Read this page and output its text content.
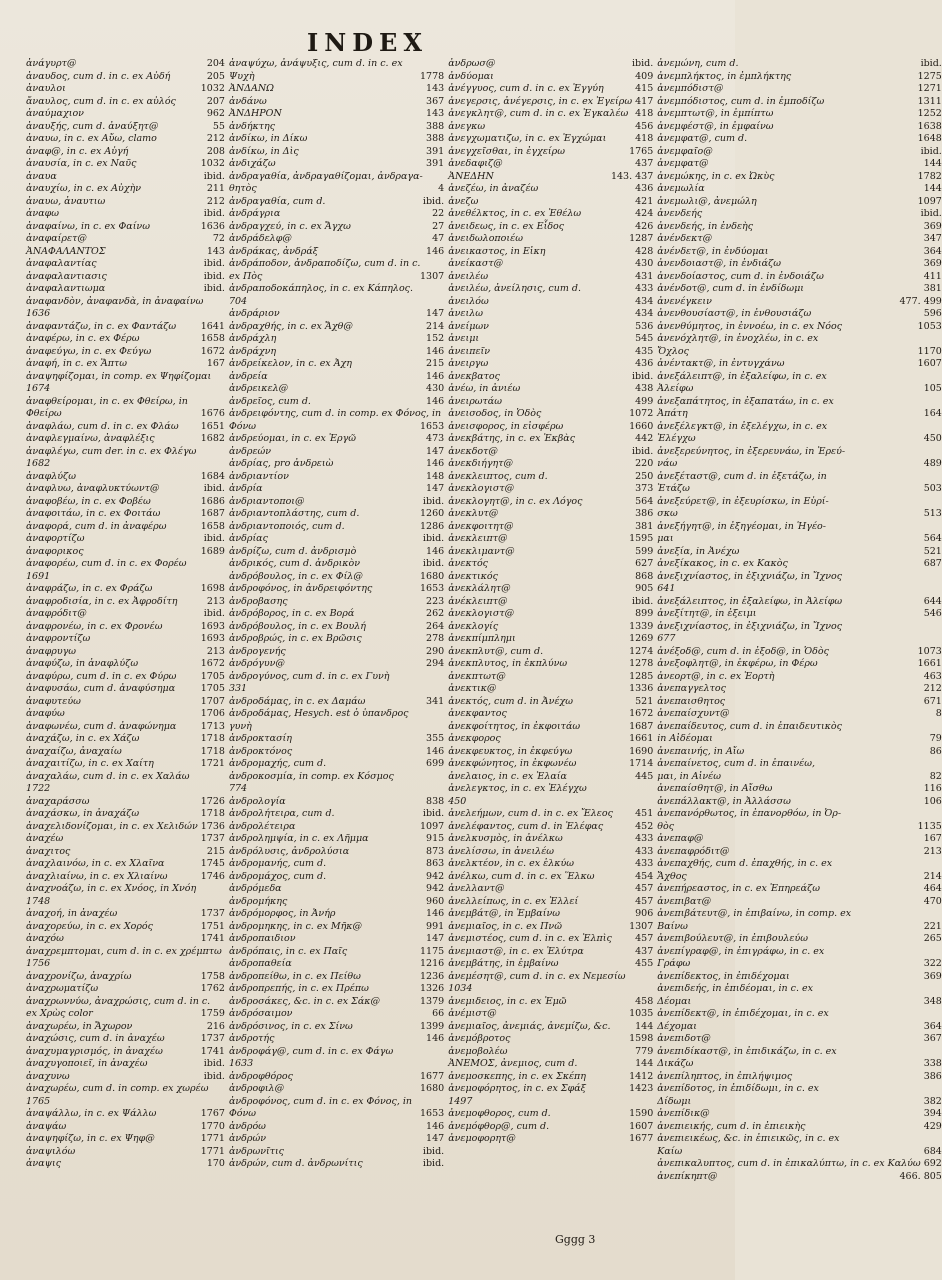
INDEX
ἀνάγυρτ@	204
ἀναυδος, cum d. in c. ex Αὐδή	205
ἀναυλοι	1032
ἄναυλος, cum d. in c. ex αὐλός	207
ἀναύμαχιον	962
ἀναυξής, cum d. ἀναύξητ@	55
ἀναυω, in c. ex Αὔω, clamo	212
ἀναφ@, in c. ex Αὐγή	208
ἀναυσία, in c. ex Ναῦς	1032
ἀναυα	ibid.
ἀναυχίω, in c. ex Αὐχὴν	211
ἀναυω, ἀναυτιω	212
ἀναφω	ibid.
ἀναφαίνω, in c. ex Φαίνω	1636
ἀναφαίρετ@	72
ἈΝΑΦΑΛΑΝΤΟΣ	143
ἀναφαλαντίας	ibid.
ἀναφαλαντιασις	ibid.
ἀναφαλαντιωμα	ibid.
ἀναφανδὸν, ἀναφανδὰ, in ἀναφαίνω
1636
ἀναφαντάζω, in c. ex Φαντάζω	1641
ἀναφέρω, in c. ex Φέρω	1658
ἀναφεύγω, in c. ex Φεύγω	1672
ἀναφή, in c. ex Ἅπτω	167
ἀναψηφίζομαι, in comp. ex Ψηφίζομαι
1674
ἀναφθείρομαι, in c. ex Φθείρω, in
Φθείρω	1676
ἀναφλάω, cum d. in c. ex Φλάω	1651
ἀναφλεγμαίνω, ἀναφλέξις	1682
ἀναφλέγω, cum der. in c. ex Φλέγω
1682
ἀναφλύζω	1684
ἀναφλυω, ἀναφλυκτύωντ@	ibid.
ἀναφοβέω, in c. ex Φοβέω	1686
ἀναφοιτάω, in c. ex Φοιτάω	1687
ἀναφορά, cum d. in ἀναφέρω	1658
ἀναφορτίζω	ibid.
ἀναφορικος	1689
ἀναφορέω, cum d. in c. ex Φορέω
1691
ἀναφράζω, in c. ex Φράζω	1698
ἀναφροδισία, in c. ex Ἀφροδίτη	213
ἀναφρόδιτ@	ibid.
ἀναφρονέω, in c. ex Φρονέω	1693
ἀναφροντίζω	1693
ἀναφρυγω	213
ἀναφύζω, in ἀναφλύζω	1672
ἀναφύρω, cum d. in c. ex Φύρω	1705
ἀναφυσάω, cum d. ἀναφύσημα	1705
ἀναφυτεύω	1707
ἀναφύω	1706
ἀναφωνέω, cum d. ἀναφώνημα	1713
ἀναχάζω, in c. ex Χάζω	1718
ἀναχαίζω, ἀναχαίω	1718
ἀναχαιτίζω, in c. ex Χαίτη	1721
ἀναχαλάω, cum d. in c. ex Χαλάω
1722
ἀναχαράσσω	1726
ἀναχάσκω, in ἀναχάζω	1718
ἀναχελιδονίζομαι, in c. ex Χελιδών 1736
ἀναχέω	1737
ἀναχιτος	215
ἀναχλαινόω, in c. ex Χλαῖνα	1745
ἀναχλιαίνω, in c. ex Χλιαίνω	1746
ἀναχνοάζω, in c. ex Χνόος, in Χνόη
1748
ἀναχοή, in ἀναχέω	1737
ἀναχορεύω, in c. ex Χορός	1751
ἀναχόω	1741
ἀναχρεμπτομαι, cum d. in c. ex χρέμπτω
1756
ἀναχρονίζω, ἀναχρίω	1758
ἀναχρωματίζω	1762
ἀναχρωννύω, ἀναχρώσις, cum d. in c.
ex Χρὼς color	1759
ἀναχωρέω, in Ἄχωρον	216
ἀναχώσις, cum d. in ἀναχέω	1737
ἀναχυμαγρισμός, in ἀναχέω	1741
ἀναχυγοποιεῖ, in ἀναχέω	ibid.
ἀναχυνω	ibid.
ἀναχωρέω, cum d. in comp. ex χωρέω
1765
ἀναψάλλω, in c. ex Ψάλλω	1767
ἀναψάω	1770
ἀναψηφίζω, in c. ex Ψηφ@	1771
ἀναψιλόω	1771
ἀναψις	170
ἀναψύχω, ἀνάψυξις, cum d. in c. ex
Ψυχὴ	1778
ἈΝΔΑΝΩ	143
ἀνδάνω	367
ἈΝΔΗΡΟΝ	143
ἀνδήκτης	388
ἀνδίκω, in Δίκω	388
ἀνδίκω, in Δὶς	391
ἀνδιχάζω	391
ἀνδραγαθία, ἀνδραγαθίζομαι, ἀνδραγα-
θητὸς	4
ἀνδραγαθία, cum d.	ibid.
ἀνδράγρια	22
ἀνδραγχεύ, in c. ex Ἄγχω	27
ἀνδράδελφ@	47
ἀνδράκας, ἀνδράξ	146
ἀνδράποδον, ἀνδραποδίζω, cum d. in c.
ex Πὸς	1307
ἀνδραποδοκάπηλος, in c. ex Κάπηλος.
704
ἀνδράριον	147
ἀνδραχθής, in c. ex Ἄχθ@	214
ἀνδράχλη	152
ἀνδράχνη	146
ἀνδρείκελον, in c. ex Ἀχη	215
ἀνδρεία	146
ἀνδρεικελ@	430
ἀνδρεῖος, cum d.	146
ἀνδρειφόντης, cum d. in comp. ex Φόνος, in
Φόνω	1653
ἀνδρεύομαι, in c. ex Ἐργῶ	473
ἀνδρεών	147
ἀνδρίας, pro ἀνδρειὼ	146
ἀνδριαντίον	148
ἀνδρία	147
ἀνδριαντοποι@	ibid.
ἀνδριαντοπλάστης, cum d.	1260
ἀνδριαντοποιός, cum d.	1286
ἀνδρίας	ibid.
ἀνδρίζω, cum d. ἀνδρισμὸ	146
ἀνδρικός, cum d. ἀνδρικὸν	ibid.
ἀνδρόβουλος, in c. ex Φίλ@	1680
ἀνδροφόνος, in ἀνδρειφόντης	1653
ἀνδροβασης	223
ἀνδρόβορος, in c. ex Βορά	262
ἀνδρόβουλος, in c. ex Βουλή	264
ἀνδροβρώς, in c. ex Βρῶσις	278
ἀνδρογενής	290
ἀνδρόγυν@	294
ἀνδρογύνος, cum d. in c. ex Γυνὴ
331
ἀνδροδάμας, in c. ex Δαμάω	341
ἀνδροδάμας, Hesych. est ὁ ὑπανδρος
γυνὴ
ἀνδροκτασίη	355
ἀνδροκτόνος	146
ἀνδρομαχής, cum d.	699
ἀνδροκοσμία, in comp. ex Κόσμος
774
ἀνδρολογία	838
ἀνδρολήτειρα, cum d.	ibid.
ἀνδρολέτειρα	1097
ἀνδρολημψία, in c. ex Λῆμμα	915
ἀνδρόλυσις, ἀνδρολύσια	873
ἀνδρομανής, cum d.	863
ἀνδρομάχος, cum d.	942
ἀνδρόμεδα	942
ἀνδρομήκης	960
ἀνδρόμορφος, in Ἀνήρ	146
ἀνδρομηκης, in c. ex Μῆκ@	991
ἀνδροπαιδιον	147
ἀνδρόπαις, in c. ex Παῖς	1175
ἀνδροπαθεία	1216
ἀνδροπείθω, in c. ex Πείθω	1236
ἀνδροπρεπής, in c. ex Πρέπω	1326
ἀνδροσάκες, &c. in c. ex Σάκ@	1379
ἀνδρόσαιμον	66
ἀνδρόσινος, in c. ex Σίνω	1399
ἀνδροτής	146
ἀνδροφάγ@, cum d. in c. ex Φάγω
1633
ἀνδροφθόρος	1677
ἀνδροφιλ@	1680
ἀνδροφόνος, cum d. in c. ex Φόνος, in
Φόνω	1653
ἀνδρόω	146
ἀνδρών	147
ἀνδρωνῖτις	ibid.
ἀνδρών, cum d. ἀνδρωνίτις	ibid.
ἀνδρωσ@	ibid.
ἀνδύομαι	409
ἀνέγγυος, cum d. in c. ex Ἐγγύη	415
ἀνεγερσις, ἀνέγερσις, in c. ex Ἐγείρω 417
ἀνεγκλητ@, cum d. in c. ex Ἐγκαλέω 418
ἀνεγκω	456
ἀνεγχωματιζω, in c. ex Ἐγχώμαι	418
ἀνεγχεῖσθαι, in ἐγχείρω	1765
ἀνεδαφιζ@	437
ἈΝΕΔΗΝ	143. 437
ἀνεζέω, in ἀναζέω	436
ἀνεζω	421
ἀνεθέλκτος, in c. ex Ἐθέλω	424
ἀνειδεως, in c. ex Εἶδος	426
ἀνειδωλοποιέω	1287
ἀνεικαστος, in Εἰκη	428
ἀνείκαστ@	430
ἀνειλέω	431
ἀνειλέω, ἀνείλησις, cum d.	433
ἀνειλόω	434
ἀνειλω	434
ἀνείμων	536
ἀνειμι	545
ἀνειπεῖν	435
ἀνειργω	436
ἀνεκβατος	ibid.
ἀνέω, in ἀνιέω	438
ἀνειρωτάω	499
ἀνεισοδος, in Ὁδὸς	1072
ἀνεισφορος, in εἰσφέρω	1660
ἀνεκβάτης, in c. ex Ἐκβὰς	442
ἀνεκδοτ@	ibid.
ἀνεκδιήγητ@	220
ἀνεκλειπτος, cum d.	250
ἀνεκλογιστ@	373
ἀνεκλογητ@, in c. ex Λόγος	564
ἀνεκλυτ@	386
ἀνεκφοιτητ@	381
ἀνεκλειπτ@	1595
ἀνεκλιμαντ@	599
ἀνεκτός	627
ἀνεκτικός	868
ἀνεκλάλητ@	905
ἀνέκλειπτ@	ibid.
ἀνεκλογιστ@	899
ἀνεκλογίς	1339
ἀνεκπίμπλημι	1269
ἀνεκπλυτ@, cum d.	1274
ἀνεκπλυτος, in ἐκπλύνω	1278
ἀνεκπτωτ@	1285
ἀνεκτικ@	1336
ἀνεκτός, cum d. in Ἀνέχω	521
ἀνεκφαντος	1672
ἀνεκφοίτητος, in ἐκφοιτάω	1687
ἀνεκφορος	1661
ἀνεκφευκτος, in ἐκφεύγω	1690
ἀνεκφώνητος, in ἐκφωνέω	1714
ἀνελαιος, in c. ex Ἐλαία	445
ἀνελεγκτος, in c. ex Ἐλέγχω
450
ἀνελεήμων, cum d. in c. ex Ἔλεος	451
ἀνελέφαντος, cum d. in Ἐλέφας	452
ἀνελκυσμὸς, in ἀνέλκω	433
ἀνελίσσω, in ἀνειλέω	433
ἀνελκτέον, in c. ex ἑλκύω	433
ἀνέλκω, cum d. in c. ex Ἕλκω	454
ἀνελλαντ@	457
ἀνελλείπως, in c. ex Ἐλλεί	457
ἀνεμβάτ@, in Ἐμβαίνω	906
ἀνεμιαῖος, in c. ex Πνῶ	1307
ἀνεμιστέος, cum d. in c. ex Ἐλπὶς	457
ἀνεμιαστ@, in c. ex Ἐλύτρα	437
ἀνεμβάτης, in ἐμβαίνω	455
ἀνεμέσητ@, cum d. in c. ex Νεμεσίω
1034
ἀνεμιδειος, in c. ex Ἐμῶ	458
ἀνέμιστ@	1035
ἀνεμιαῖος, ἀνεμιάς, ἀνεμίζω, &c.	144
ἀνεμόβροτος	1598
ἀνεμοβολέω	779
ἈΝΕΜΟΣ, ἀνεμιος, cum d.	144
ἀνεμοσκεπης, in c. ex Σκέπη	1412
ἀνεμοφόρητος, in c. ex Σφάξ	1423
1497
ἀνεμοφθορος, cum d.	1590
ἀνεμόφθορ@, cum d.	1607
ἀνεμοφορητ@	1677
ἀνεμώνη, cum d.	ibid.
ἀνεμπλήκτος, in ἐμπλήκτης	1275
ἀνεμπόδιστ@	1271
ἀνεμπόδιστος, cum d. in ἐμποδίζω	1311
ἀνεμπτωτ@, in ἐμπίπτω	1252
ἀνεμφέστ@, in ἐμφαίνω	1638
ἀνεμφατ@, cum d.	1648
ἀνεμφαῖο@	ibid.
ἀνεμφατ@	144
ἀνεμώκης, in c. ex Ὠκὺς	1782
ἀνεμωλία	144
ἀνεμωλι@, ἀνεμώλη	1097
ἀνενδεής	ibid.
ἀνενδεής, in ἐνδεὴς	369
ἀνένδεκτ@	347
ἀνένδετ@, in ἐνδύομαι	364
ἀνενδοιαστ@, in ἐνδιάζω	369
ἀνενδοίαστος, cum d. in ἐνδοιάζω	411
ἀνένδοτ@, cum d. in ἐνδίδωμι	381
ἀνενέγκειν	477. 499
ἀνενθουσίαστ@, in ἐνθουσιάζω	596
ἀνενθύμητος, in ἐννοέω, in c. ex Νόος	1053
ἀνενόχλητ@, in ἐνοχλέω, in c. ex
Ὄχλος	1170
ἀνέντακτ@, in ἐντυγχάνω	1607
ἀνεξάλειπτ@, in ἐξαλείφω, in c. ex
Ἀλείφω	105
ἀνεξαπάτητος, in ἐξαπατάω, in c. ex
Ἀπάτη	164
ἀνεξέλεγκτ@, in ἐξελέγχω, in c. ex
Ἐλέγχω	450
ἀνεξερεύνητος, in ἐξερευνάω, in Ἐρεύ-
νάω	489
ἀνεξέταστ@, cum d. in ἐξετάζω, in
Ἐτάζω	503
ἀνεξεύρετ@, in ἐξευρίσκω, in Εὑρί-
σκω	513
ἀνεξήγητ@, in ἐξηγέομαι, in Ἡγέο-
μαι	564
ἀνεξία, in Ἀνέχω	521
ἀνεξίκακος, in c. ex Κακὸς	687
ἀνεξιχνίαστος, in ἐξιχνιάζω, in Ἴχνος
641
ἀνεξάλειπτος, in ἐξαλείφω, in Ἀλείφω	644
ἀνεξίτητ@, in ἐξειμι	546
ἀνεξιχνίαστος, in ἐξιχνιάζω, in Ἴχνος
677
ἀνέξοδ@, cum d. in ἐξοδ@, in Ὁδὸς	1073
ἀνεξοφλητ@, in ἐκφέρω, in Φέρω	1661
ἀνεορτ@, in c. ex Ἑορτὴ	463
ἀνεπαγγελτος	212
ἀνεπαισθητος	671
ἀνεπαίσχυντ@	8
ἀνεπαίδευτος, cum d. in ἐπαιδευτικὸς
in Αἰδέομαι	79
ἀνεπαινής, in Αἴω	86
ἀνεπαίνετος, cum d. in ἐπαινέω,
μαι, in Αἰνέω	82
ἀνεπαίσθητ@, in Αἴσθω	116
ἀνεπάλλακτ@, in Ἀλλάσσω	106
ἀνεπανόρθωτος, in ἐπανορθόω, in Ὀρ-
θὸς	1135
ἀνεπαφ@	167
ἀνεπαφρόδιτ@	213
ἀνεπαχθής, cum d. ἐπαχθής, in c. ex
Ἄχθος	214
ἀνεπήρεαστος, in c. ex Ἐπηρεάζω	464
ἀνεπιβατ@	470
ἀνεπιβάτευτ@, in ἐπιβαίνω, in comp. ex
Βαίνω	221
ἀνεπιβούλευτ@, in ἐπιβουλεύω	265
ἀνεπίγραφ@, in ἐπιγράφω, in c. ex
Γράφω	322
ἀνεπίδεκτος, in ἐπιδέχομαι	369
ἀνεπιδεής, in ἐπιδέομαι, in c. ex
Δέομαι	348
ἀνεπίδεκτ@, in ἐπιδέχομαι, in c. ex
Δέχομαι	364
ἀνεπιδοτ@	367
ἀνεπιδίκαστ@, in ἐπιδικάζω, in c. ex
Δικάζω	338
ἀνεπίληπτος, in ἐπιλήψιμος	386
ἀνεπίδοτος, in ἐπιδίδωμι, in c. ex
Δίδωμι	382
ἀνεπίδικ@	394
ἀνεπιεικής, cum d. in ἐπιεικὴς	429
ἀνεπιεικέως, &c. in ἐπιεικῶς, in c. ex
Καίω	684
ἀνεπικαλυπτος, cum d. in ἐπικαλύπτω, in c. ex Καλύω 692
ἀνεπίκηπτ@	466. 805
Gggg 3
